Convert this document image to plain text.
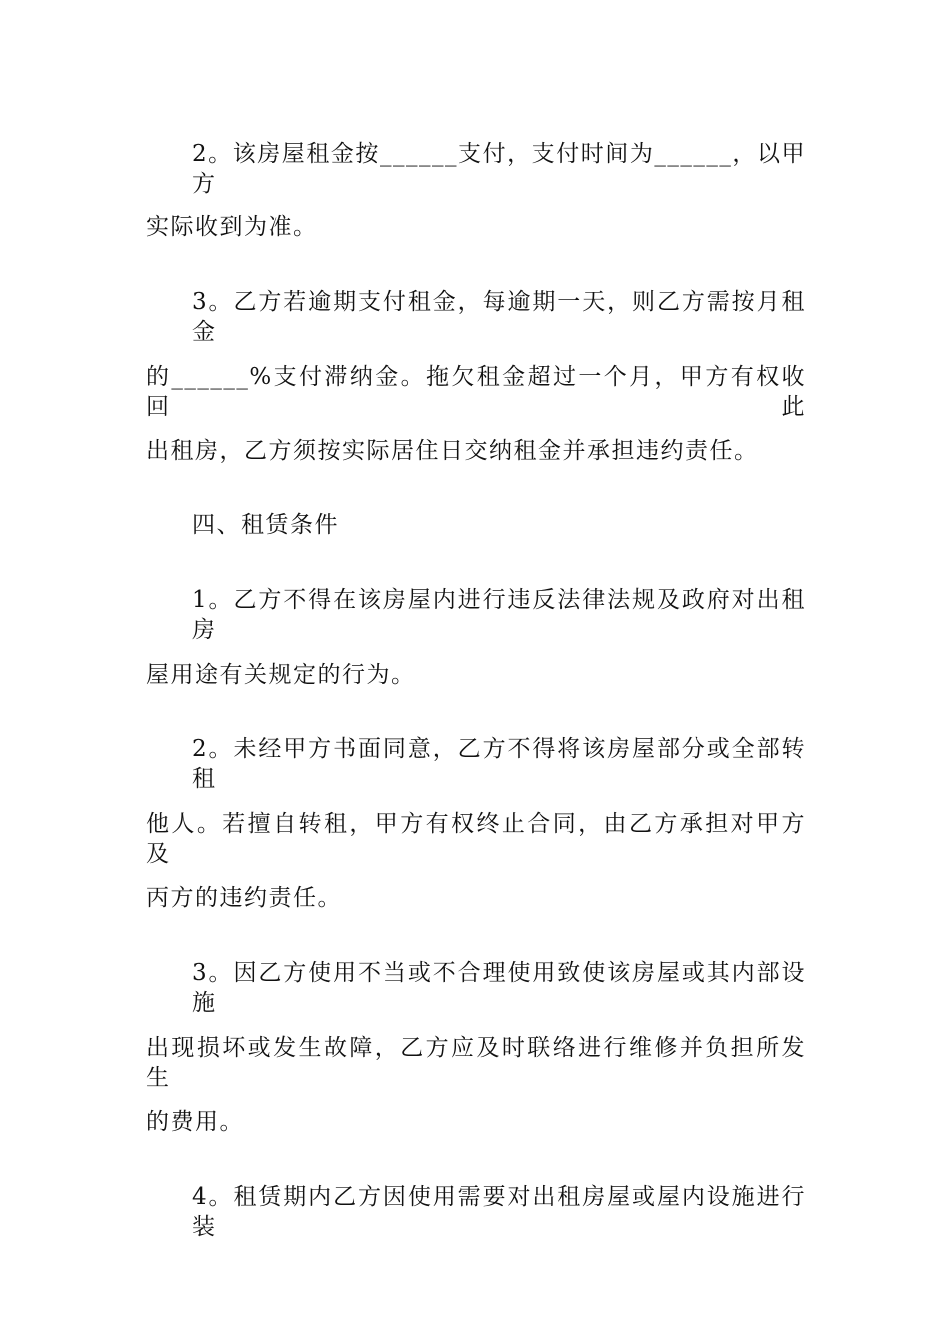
2。该房屋租金按______支付，支付时间为______，以甲方
实际收到为准。
3。乙方若逾期支付租金，每逾期一天，则乙方需按月租金
的______%支付滞纳金。拖欠租金超过一个月，甲方有权收回此
出租房，乙方须按实际居住日交纳租金并承担违约责任。
四、租赁条件
1。乙方不得在该房屋内进行违反法律法规及政府对出租房
屋用途有关规定的行为。
2。未经甲方书面同意，乙方不得将该房屋部分或全部转租
他人。若擅自转租，甲方有权终止合同，由乙方承担对甲方及
丙方的违约责任。
3。因乙方使用不当或不合理使用致使该房屋或其内部设施
出现损坏或发生故障，乙方应及时联络进行维修并负担所发生
的费用。
4。租赁期内乙方因使用需要对出租房屋或屋内设施进行装
